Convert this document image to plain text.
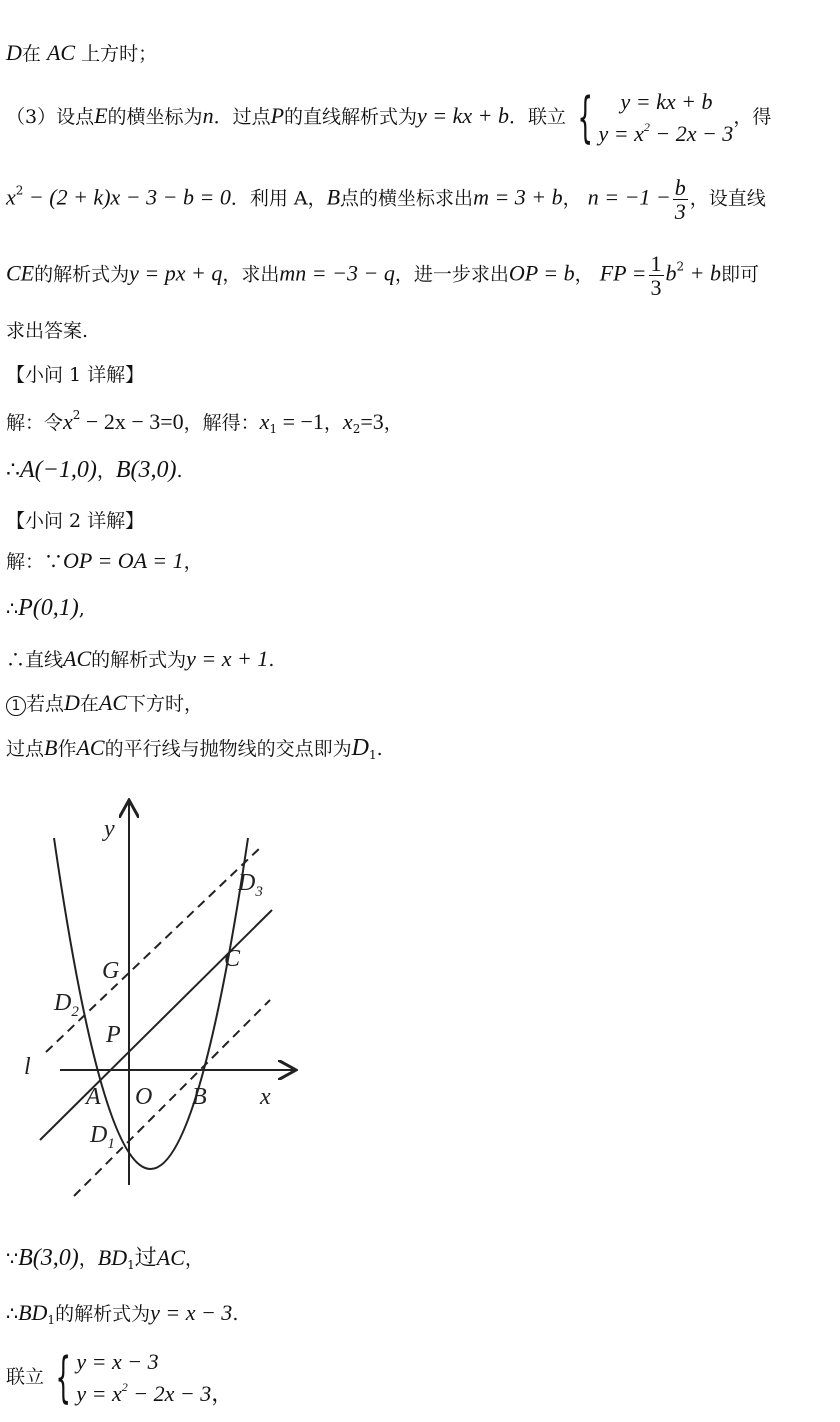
D在 AC 上方时；
（3）设点E的横坐标为n．过点P的直线解析式为y = kx + b．联立 {	y = kx + b
$y = x^2 - 2x - 3$
，得
$x^2 - (2 + k)x - 3 - b = 0$．利用 A，B点的横坐标求出m = 3 + b， $n = -1 - \frac{b}{3}$ ，设直线
CE的解析式为y = px + q，求出mn = −3 − q，进一步求出OP = b， FP = $\frac{1}{3} b^2 + b$即可
求出答案.
【小问 1 详解】
解：令$x^2 - 2x - 3=0$，解得：$x_1 = -1$，$x_2=3$，
∴A(−1,0)，B(3,0).
【小问 2 详解】
解：∵OP = OA = 1，
∴P(0,1),
∴直线AC的解析式为y = x + 1.
1 若点D在AC下方时，
过点B作AC的平行线与抛物线的交点即为$D_1$.
y
x
O
A	B
C
P
G
l
$D_1$
$D_2$
$D_3$
∵B(3,0)，$BD_1$过AC，
$\therefore BD_1$的解析式为y = x − 3.
联立 { y = x − 3
$y = x^2 - 2x - 3$，
